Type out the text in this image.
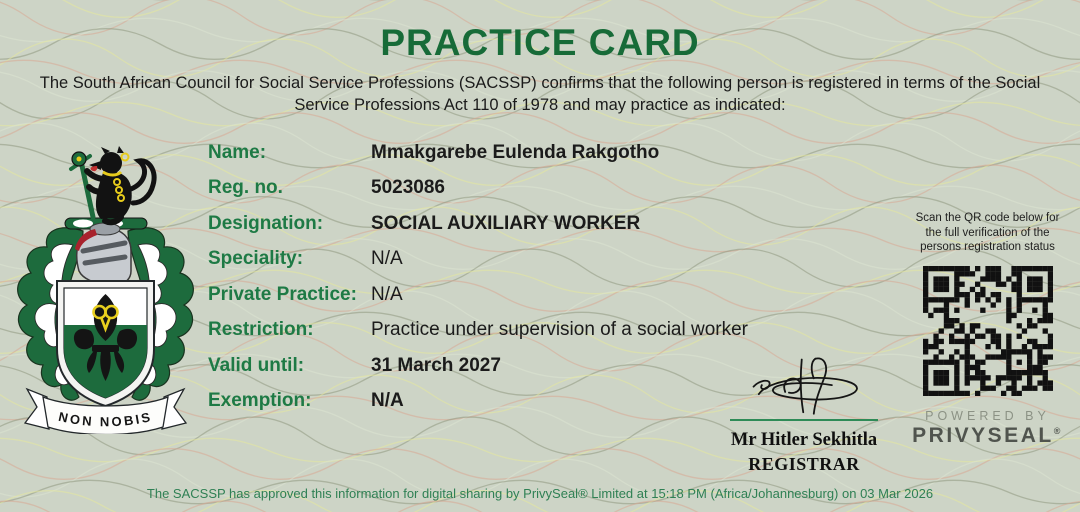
PRACTICE CARD

The South African Council for Social Service Professions (SACSSP) confirms that the following person is registered in terms of the Social
Service Professions Act 110 of 1978 and may practice as indicated:

NON NOBIS
Name:	Mmakgarebe Eulenda Rakgotho
Reg. no.	5023086
Designation:	SOCIAL AUXILIARY WORKER
Speciality:	N/A
Private Practice: N/A
Restriction:	Practice under supervision of a social worker
Valid until:	31 March 2027
Exemption:	N/A
Mr Hitler Sekhitla
REGISTRAR
Scan the QR code below for
the full verification of the
persons registration status
POWERED BY
PRIVYSEAL®
The SACSSP has approved this information for digital sharing by PrivySeal® Limited at 15:18 PM (Africa/Johannesburg) on 03 Mar 2026
